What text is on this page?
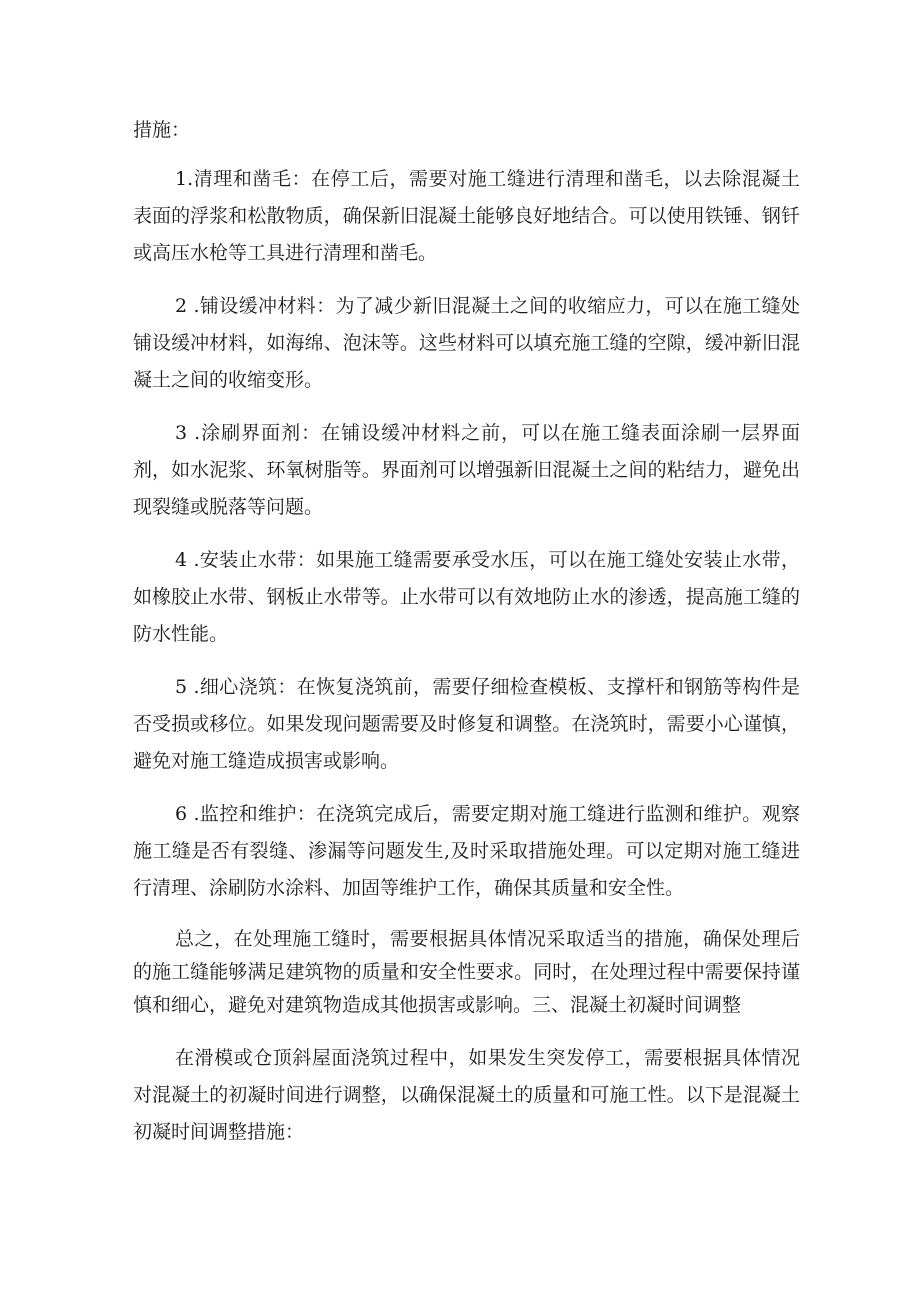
措施：

1.清理和凿毛：在停工后，需要对施工缝进行清理和凿毛，以去除混凝土表面的浮浆和松散物质，确保新旧混凝土能够良好地结合。可以使用铁锤、钢钎或高压水枪等工具进行清理和凿毛。

2 .铺设缓冲材料：为了减少新旧混凝土之间的收缩应力，可以在施工缝处铺设缓冲材料，如海绵、泡沫等。这些材料可以填充施工缝的空隙，缓冲新旧混凝土之间的收缩变形。

3 .涂刷界面剂：在铺设缓冲材料之前，可以在施工缝表面涂刷一层界面剂，如水泥浆、环氧树脂等。界面剂可以增强新旧混凝土之间的粘结力，避免出现裂缝或脱落等问题。

4 .安装止水带：如果施工缝需要承受水压，可以在施工缝处安装止水带，如橡胶止水带、钢板止水带等。止水带可以有效地防止水的渗透，提高施工缝的防水性能。

5 .细心浇筑：在恢复浇筑前，需要仔细检查模板、支撑杆和钢筋等构件是否受损或移位。如果发现问题需要及时修复和调整。在浇筑时，需要小心谨慎，避免对施工缝造成损害或影响。

6 .监控和维护：在浇筑完成后，需要定期对施工缝进行监测和维护。观察施工缝是否有裂缝、渗漏等问题发生,及时采取措施处理。可以定期对施工缝进行清理、涂刷防水涂料、加固等维护工作，确保其质量和安全性。

总之，在处理施工缝时，需要根据具体情况采取适当的措施，确保处理后的施工缝能够满足建筑物的质量和安全性要求。同时，在处理过程中需要保持谨慎和细心，避免对建筑物造成其他损害或影响。三、混凝土初凝时间调整

在滑模或仓顶斜屋面浇筑过程中，如果发生突发停工，需要根据具体情况对混凝土的初凝时间进行调整，以确保混凝土的质量和可施工性。以下是混凝土初凝时间调整措施：
